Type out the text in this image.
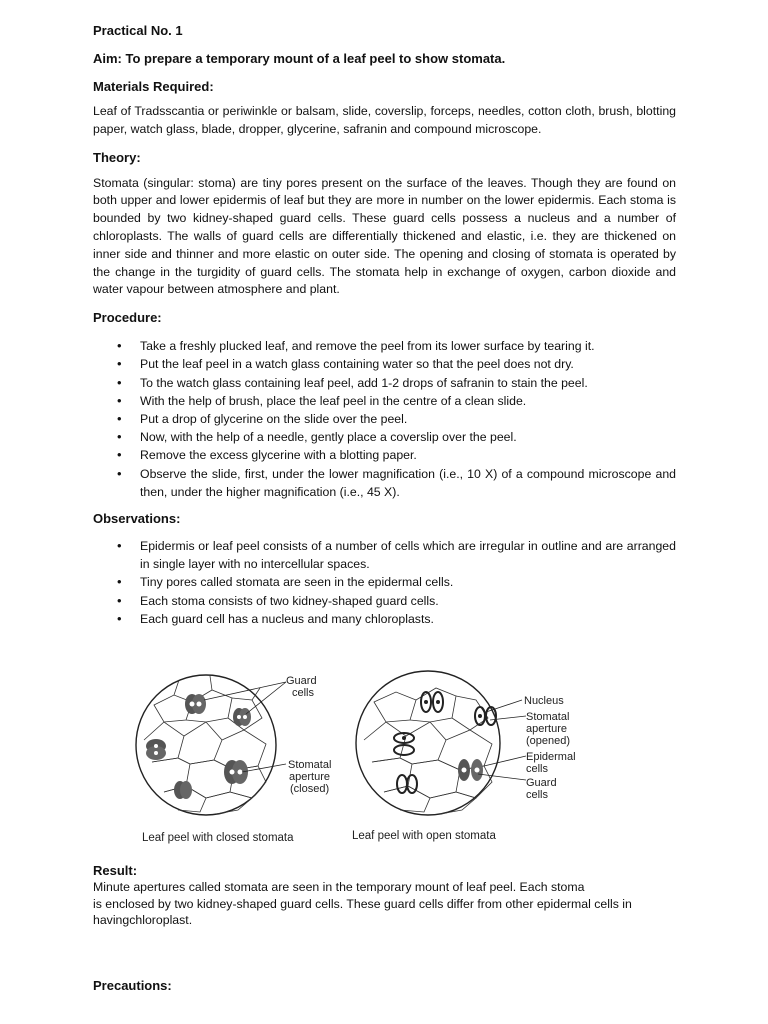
Practical No. 1

Aim: To prepare a temporary mount of a leaf peel to show stomata.

Materials Required:

Leaf of Tradsscantia or periwinkle or balsam, slide, coverslip, forceps, needles, cotton cloth, brush, blotting paper, watch glass, blade, dropper, glycerine, safranin and compound microscope.

Theory:

Stomata (singular: stoma) are tiny pores present on the surface of the leaves. Though they are found on both upper and lower epidermis of leaf but they are more in number on the lower epidermis. Each stoma is bounded by two kidney-shaped guard cells. These guard cells possess a nucleus and a number of chloroplasts. The walls of guard cells are differentially thickened and elastic, i.e. they are thickened on inner side and thinner and more elastic on outer side. The opening and closing of stomata is operated by the change in the turgidity of guard cells. The stomata help in exchange of oxygen, carbon dioxide and water vapour between atmosphere and plant.

Procedure:

• Take a freshly plucked leaf, and remove the peel from its lower surface by tearing it.
• Put the leaf peel in a watch glass containing water so that the peel does not dry.
• To the watch glass containing leaf peel, add 1-2 drops of safranin to stain the peel.
• With the help of brush, place the leaf peel in the centre of a clean slide.
• Put a drop of glycerine on the slide over the peel.
• Now, with the help of a needle, gently place a coverslip over the peel.
• Remove the excess glycerine with a blotting paper.
• Observe the slide, first, under the lower magnification (i.e., 10 X) of a compound microscope and then, under the higher magnification (i.e., 45 X).

Observations:

• Epidermis or leaf peel consists of a number of cells which are irregular in outline and are arranged in single layer with no intercellular spaces.
• Tiny pores called stomata are seen in the epidermal cells.
• Each stoma consists of two kidney-shaped guard cells.
• Each guard cell has a nucleus and many chloroplasts.
Guard
cells
Stomatal
aperture
(closed)
Leaf peel with closed stomata
Nucleus
Stomatal
aperture
(opened)
Epidermal
cells
Guard
cells
Leaf peel with open stomata

Result:

Minute apertures called stomata are seen in the temporary mount of leaf peel. Each stoma

is enclosed by two kidney-shaped guard cells. These guard cells differ from other epidermal cells in

havingchloroplast.

Precautions:
